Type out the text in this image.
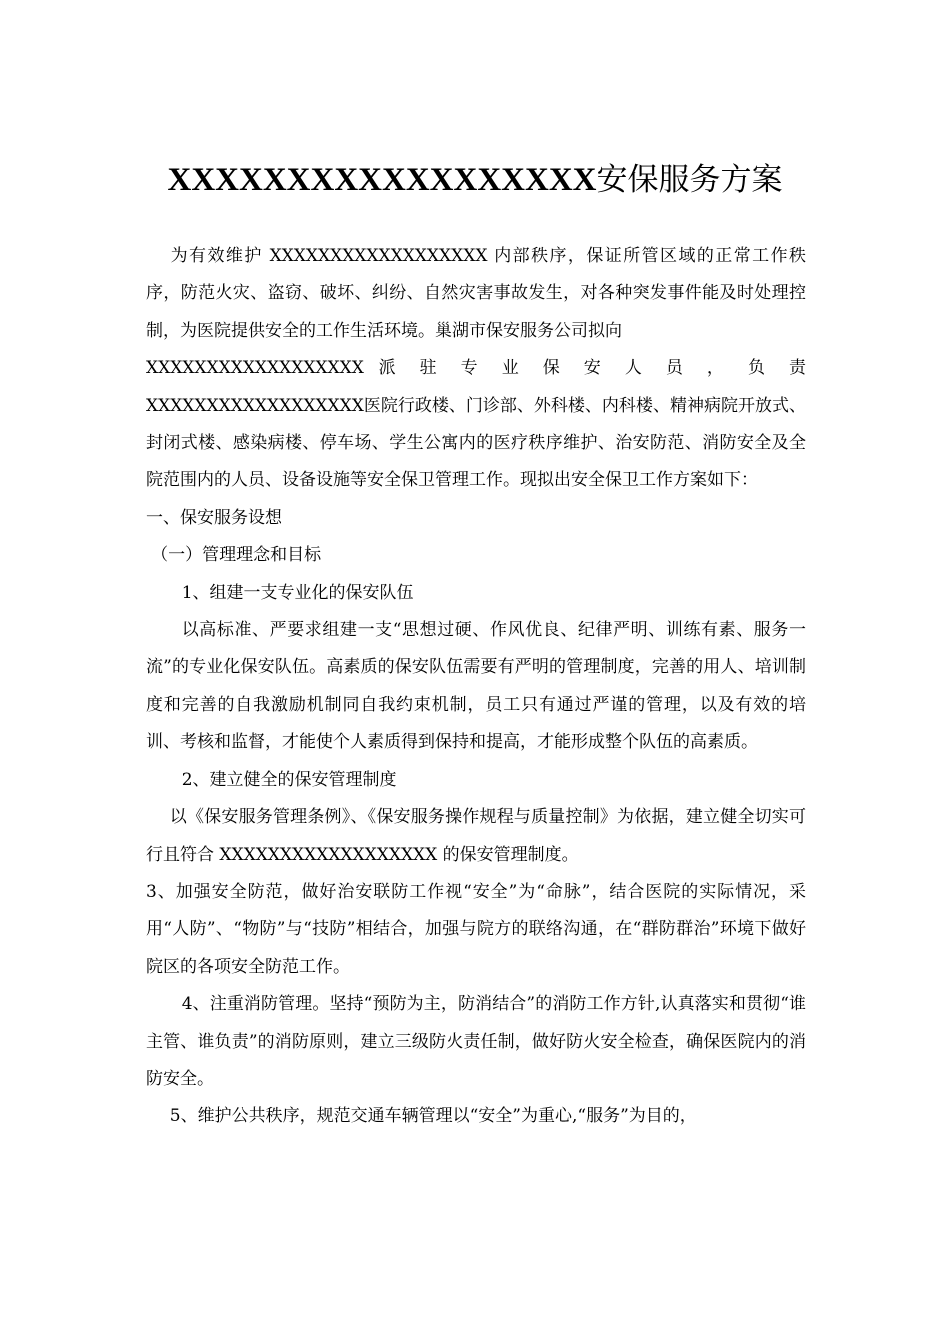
XXXXXXXXXXXXXXXXXX安保服务方案

为有效维护 XXXXXXXXXXXXXXXXXX 内部秩序，保证所管区域的正常工作秩序，防范火灾、盗窃、破坏、纠纷、自然灾害事故发生，对各种突发事件能及时处理控制，为医院提供安全的工作生活环境。巢湖市保安服务公司拟向

XXXXXXXXXXXXXXXXXX 派 驻 专 业 保 安 人 员 ， 负 责

XXXXXXXXXXXXXXXXXX医院行政楼、门诊部、外科楼、内科楼、精神病院开放式、封闭式楼、感染病楼、停车场、学生公寓内的医疗秩序维护、治安防范、消防安全及全院范围内的人员、设备设施等安全保卫管理工作。现拟出安全保卫工作方案如下：

一、保安服务设想

（一）管理理念和目标

1、组建一支专业化的保安队伍

以高标准、严要求组建一支“思想过硬、作风优良、纪律严明、训练有素、服务一流”的专业化保安队伍。高素质的保安队伍需要有严明的管理制度，完善的用人、培训制度和完善的自我激励机制同自我约束机制，员工只有通过严谨的管理，以及有效的培训、考核和监督，才能使个人素质得到保持和提高，才能形成整个队伍的高素质。

2、建立健全的保安管理制度

以《保安服务管理条例》、《保安服务操作规程与质量控制》为依据，建立健全切实可行且符合 XXXXXXXXXXXXXXXXXX 的保安管理制度。

3、加强安全防范，做好治安联防工作视“安全”为“命脉”，结合医院的实际情况，采用“人防”、“物防”与“技防”相结合，加强与院方的联络沟通，在“群防群治”环境下做好院区的各项安全防范工作。

4、注重消防管理。坚持“预防为主，防消结合”的消防工作方针,认真落实和贯彻“谁主管、谁负责”的消防原则，建立三级防火责任制，做好防火安全检查，确保医院内的消防安全。

5、维护公共秩序，规范交通车辆管理以“安全”为重心,“服务”为目的，
